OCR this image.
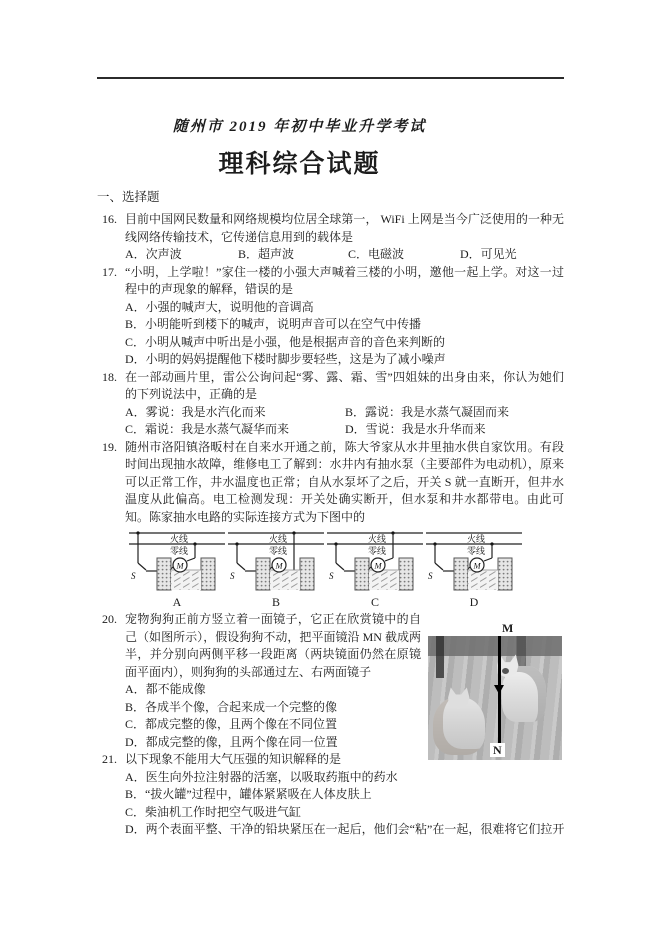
随州市 2019 年初中毕业升学考试
理科综合试题
一、选择题
16. 目前中国网民数量和网络规模均位居全球第一， WiFi 上网是当今广泛使用的一种无线网络传输技术，它传递信息用到的载体是
A．次声波	B．超声波	C．电磁波	D．可见光
17. “小明，上学啦！”家住一楼的小强大声喊着三楼的小明，邀他一起上学。对这一过程中的声现象的解释，错误的是
A．小强的喊声大，说明他的音调高
B．小明能听到楼下的喊声，说明声音可以在空气中传播
C．小明从喊声中听出是小强，他是根据声音的音色来判断的
D．小明的妈妈提醒他下楼时脚步要轻些，这是为了减小噪声
18. 在一部动画片里，雷公公询问起“雾、露、霜、雪”四姐妹的出身由来，你认为她们的下列说法中，正确的是
A．雾说：我是水汽化而来	B．露说：我是水蒸气凝固而来
C．霜说：我是水蒸气凝华而来	D．雪说：我是水升华而来
19. 随州市洛阳镇洛畈村在自来水开通之前，陈大爷家从水井里抽水供自家饮用。有段时间出现抽水故障，维修电工了解到：水井内有抽水泵（主要部件为电动机），原来可以正常工作，井水温度也正常；自从水泵坏了之后，开关 S 就一直断开，但井水温度从此偏高。电工检测发现：开关处确实断开，但水泵和井水都带电。由此可知。陈家抽水电路的实际连接方式为下图中的
火线
零线
S
M
A
火线
零线
S
M
B
火线
零线
S
M
C
火线
零线
S
M
D
20.
M
N
宠物狗狗正前方竖立着一面镜子，它正在欣赏镜中的自己（如图所示），假设狗狗不动，把平面镜沿 MN 截成两半，并分别向两侧平移一段距离（两块镜面仍然在原镜面平面内），则狗狗的头部通过左、右两面镜子
A．都不能成像
B．各成半个像，合起来成一个完整的像
C．都成完整的像，且两个像在不同位置
D．都成完整的像，且两个像在同一位置
21. 以下现象不能用大气压强的知识解释的是
A．医生向外拉注射器的活塞，以吸取药瓶中的药水
B．“拔火罐”过程中，罐体紧紧吸在人体皮肤上
C．柴油机工作时把空气吸进气缸
D．两个表面平整、干净的铅块紧压在一起后，他们会“粘”在一起，很难将它们拉开
